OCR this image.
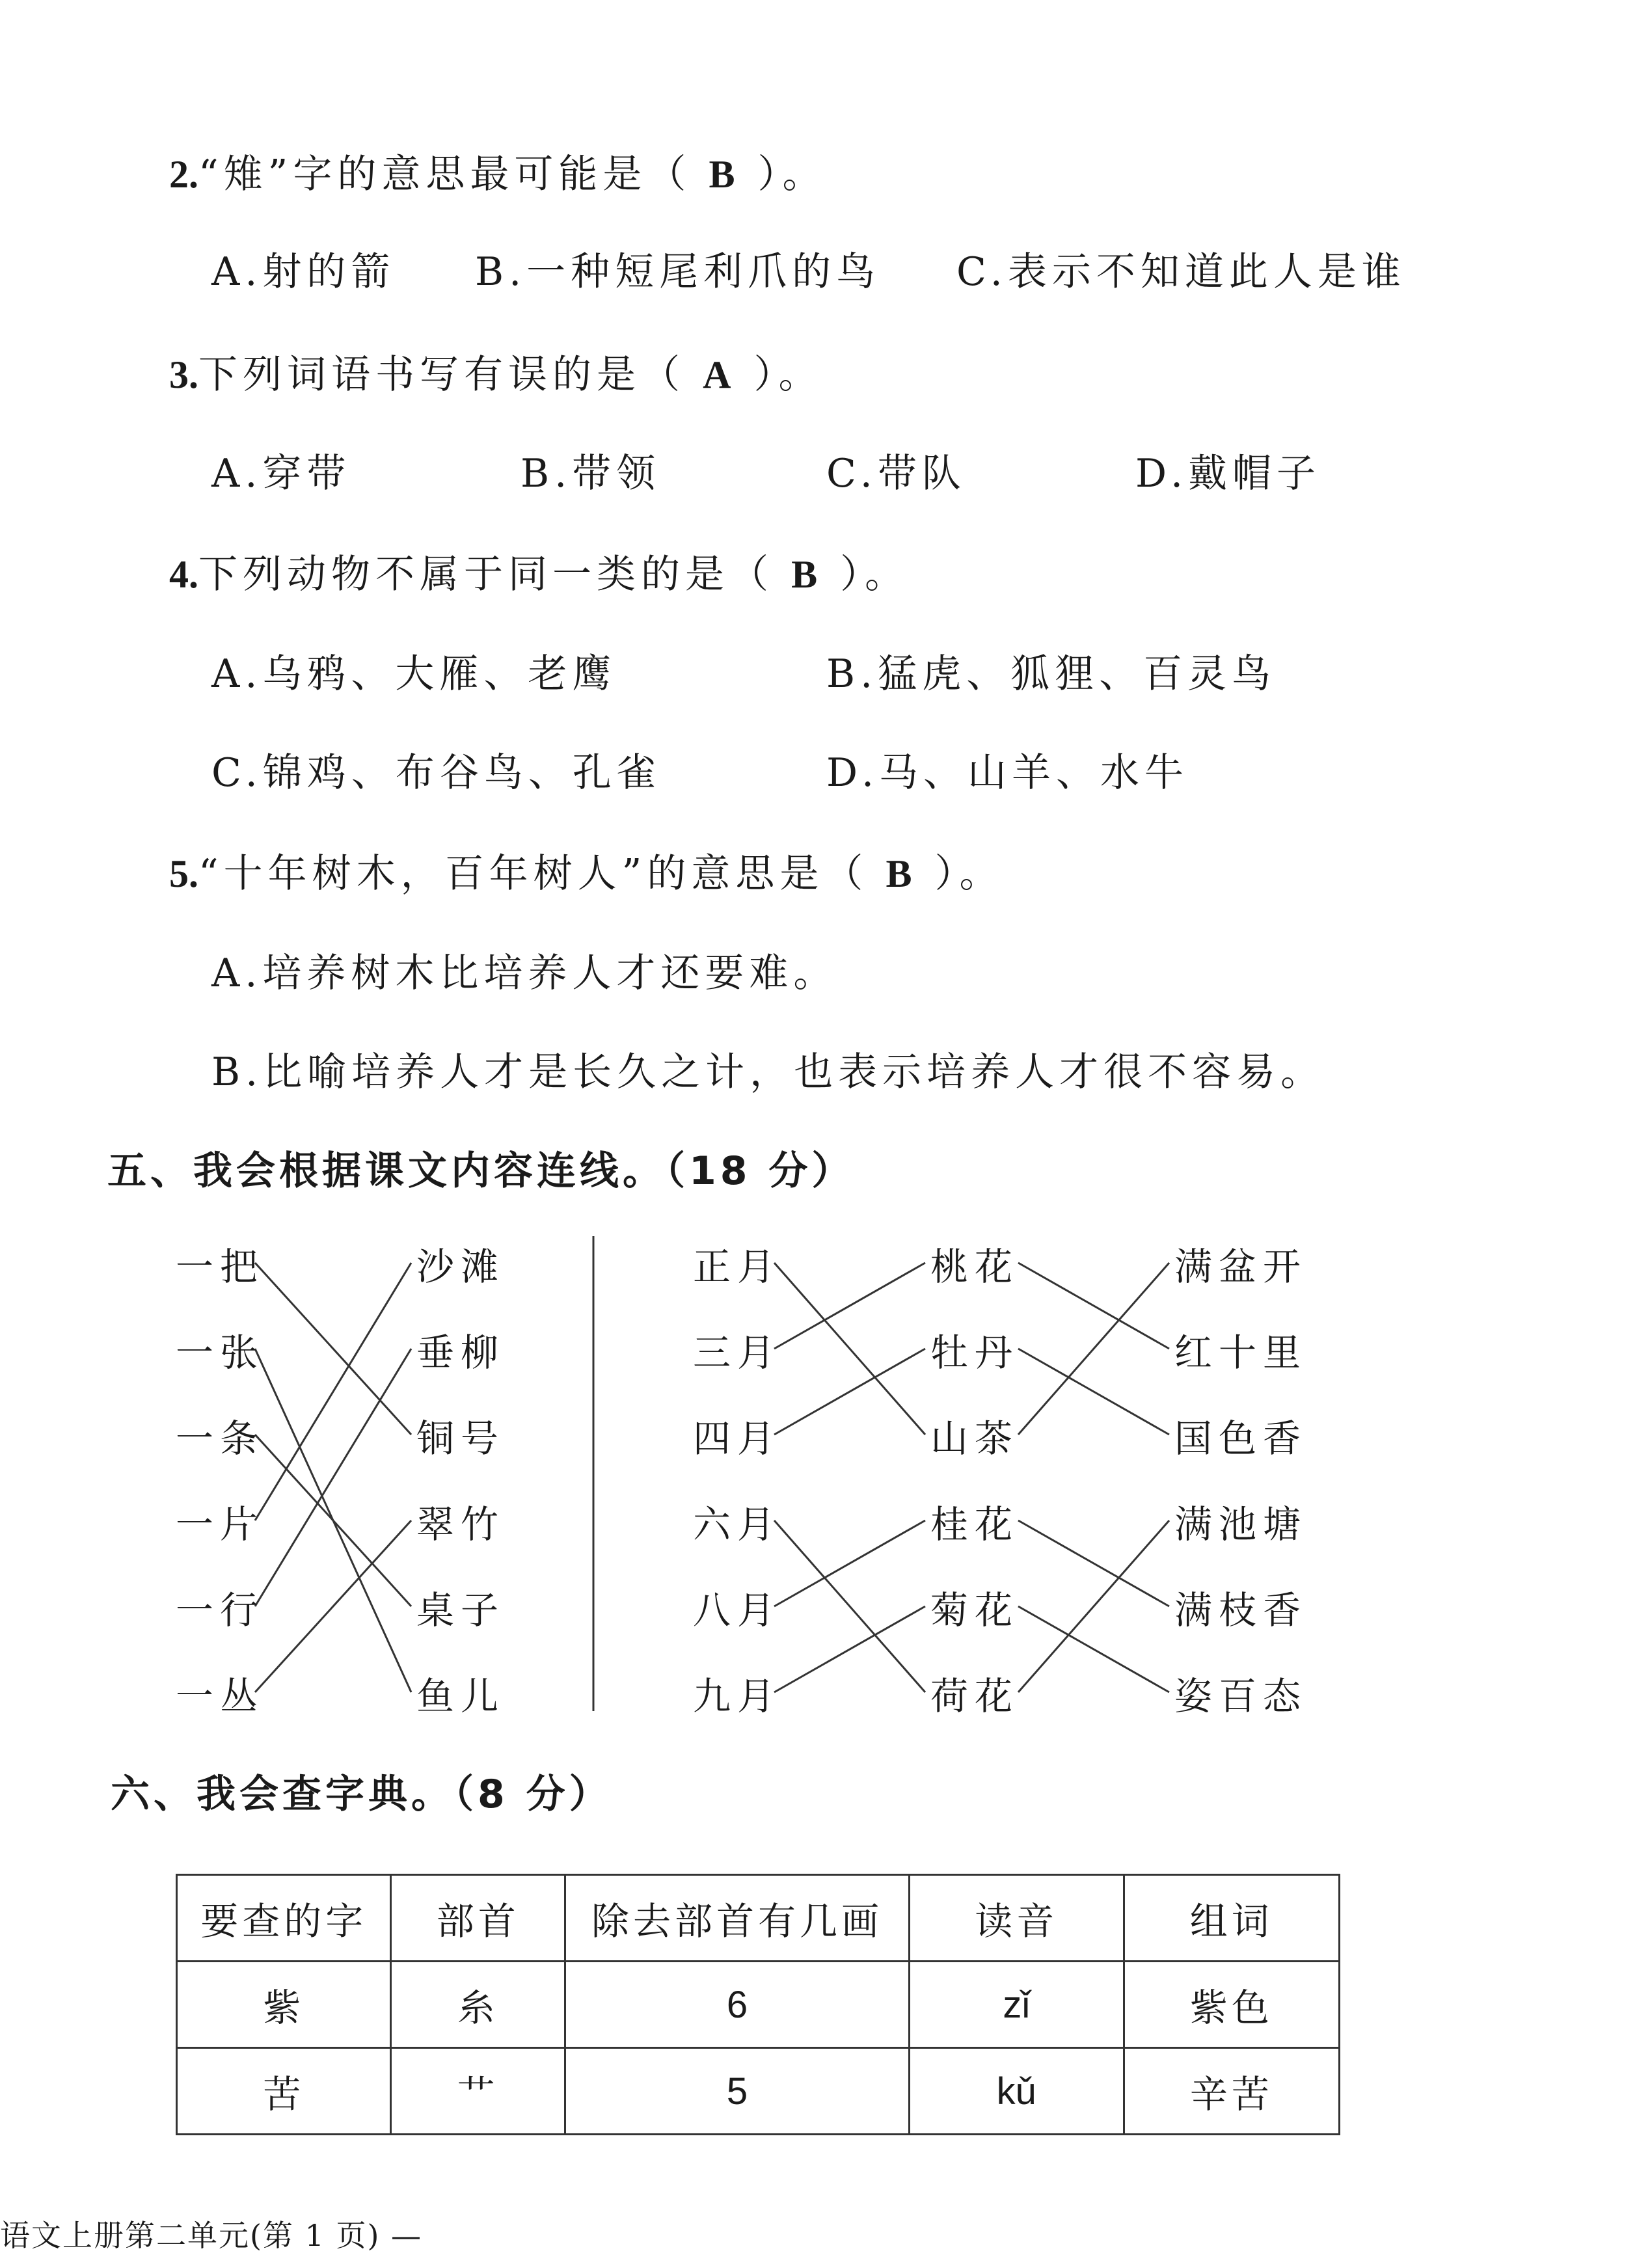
2.“雉”字的意思最可能是（ B ）。
A.射的箭 B.一种短尾利爪的鸟 C.表示不知道此人是谁
3.下列词语书写有误的是（ A ）。
A.穿带	B.带领	C.带队	D.戴帽子
4.下列动物不属于同一类的是（ B ）。
A.乌鸦、大雁、老鹰	B.猛虎、狐狸、百灵鸟
C.锦鸡、布谷鸟、孔雀	D.马、山羊、水牛
5.“十年树木，百年树人”的意思是（ B ）。
A.培养树木比培养人才还要难。
B.比喻培养人才是长久之计，也表示培养人才很不容易。
五、我会根据课文内容连线。（18 分）
一把
一张
一条
一片
一行
一丛
沙滩
垂柳
铜号
翠竹
桌子
鱼儿
正月
三月
四月
六月
八月
九月
桃花
牡丹
山茶
桂花
菊花
荷花
满盆开
红十里
国色香
满池塘
满枝香
姿百态
六、我会查字典。（8 分）
要查的字	部首	除去部首有几画	读音	组词
紫	糸	6	zǐ	紫色
苦	艹	5	kǔ	辛苦
语文上册第二单元(第 1 页) —
